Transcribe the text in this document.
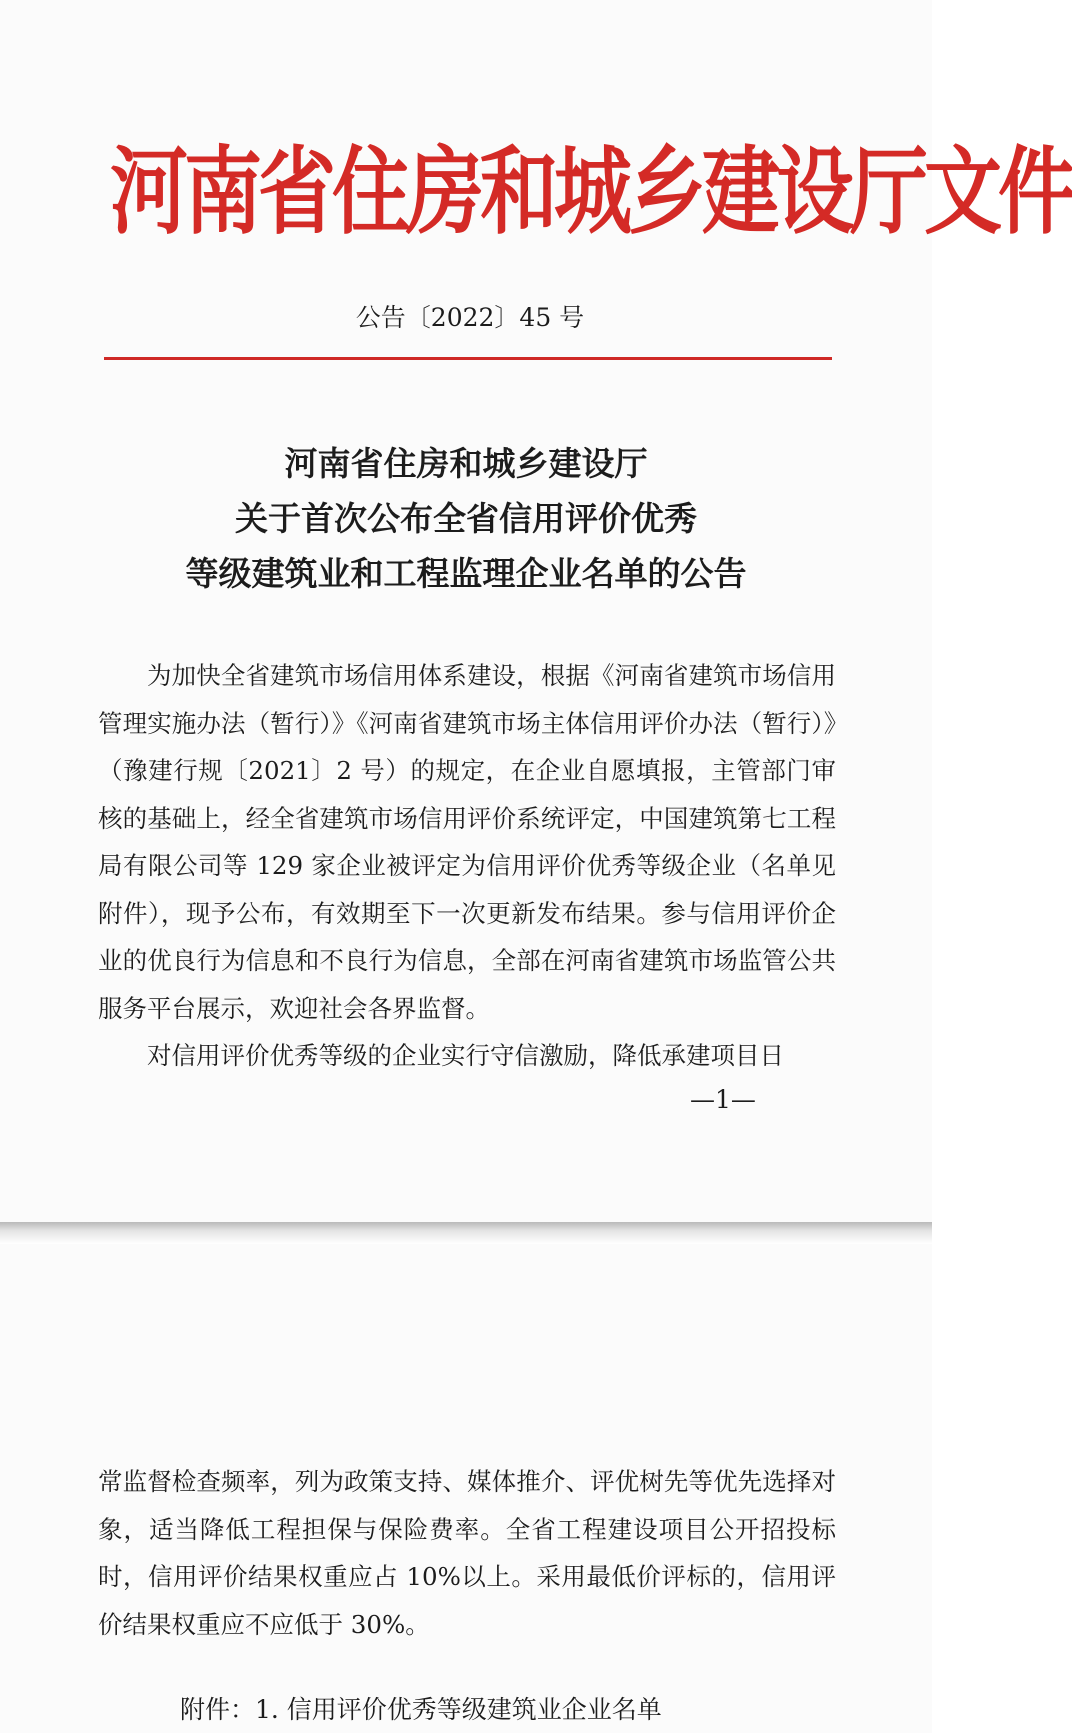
河南省住房和城乡建设厅文件
公告〔2022〕45 号
河南省住房和城乡建设厅
关于首次公布全省信用评价优秀
等级建筑业和工程监理企业名单的公告

为加快全省建筑市场信用体系建设，根据《河南省建筑市场信用管理实施办法（暂行）》《河南省建筑市场主体信用评价办法（暂行）》（豫建行规〔2021〕2 号）的规定，在企业自愿填报，主管部门审核的基础上，经全省建筑市场信用评价系统评定，中国建筑第七工程局有限公司等 129 家企业被评定为信用评价优秀等级企业（名单见附件），现予公布，有效期至下一次更新发布结果。参与信用评价企业的优良行为信息和不良行为信息，全部在河南省建筑市场监管公共服务平台展示，欢迎社会各界监督。

对信用评价优秀等级的企业实行守信激励，降低承建项目日

—1—

常监督检查频率，列为政策支持、媒体推介、评优树先等优先选择对象，适当降低工程担保与保险费率。全省工程建设项目公开招投标时，信用评价结果权重应占 10%以上。采用最低价评标的，信用评价结果权重应不应低于 30%。

附件：1. 信用评价优秀等级建筑业企业名单
